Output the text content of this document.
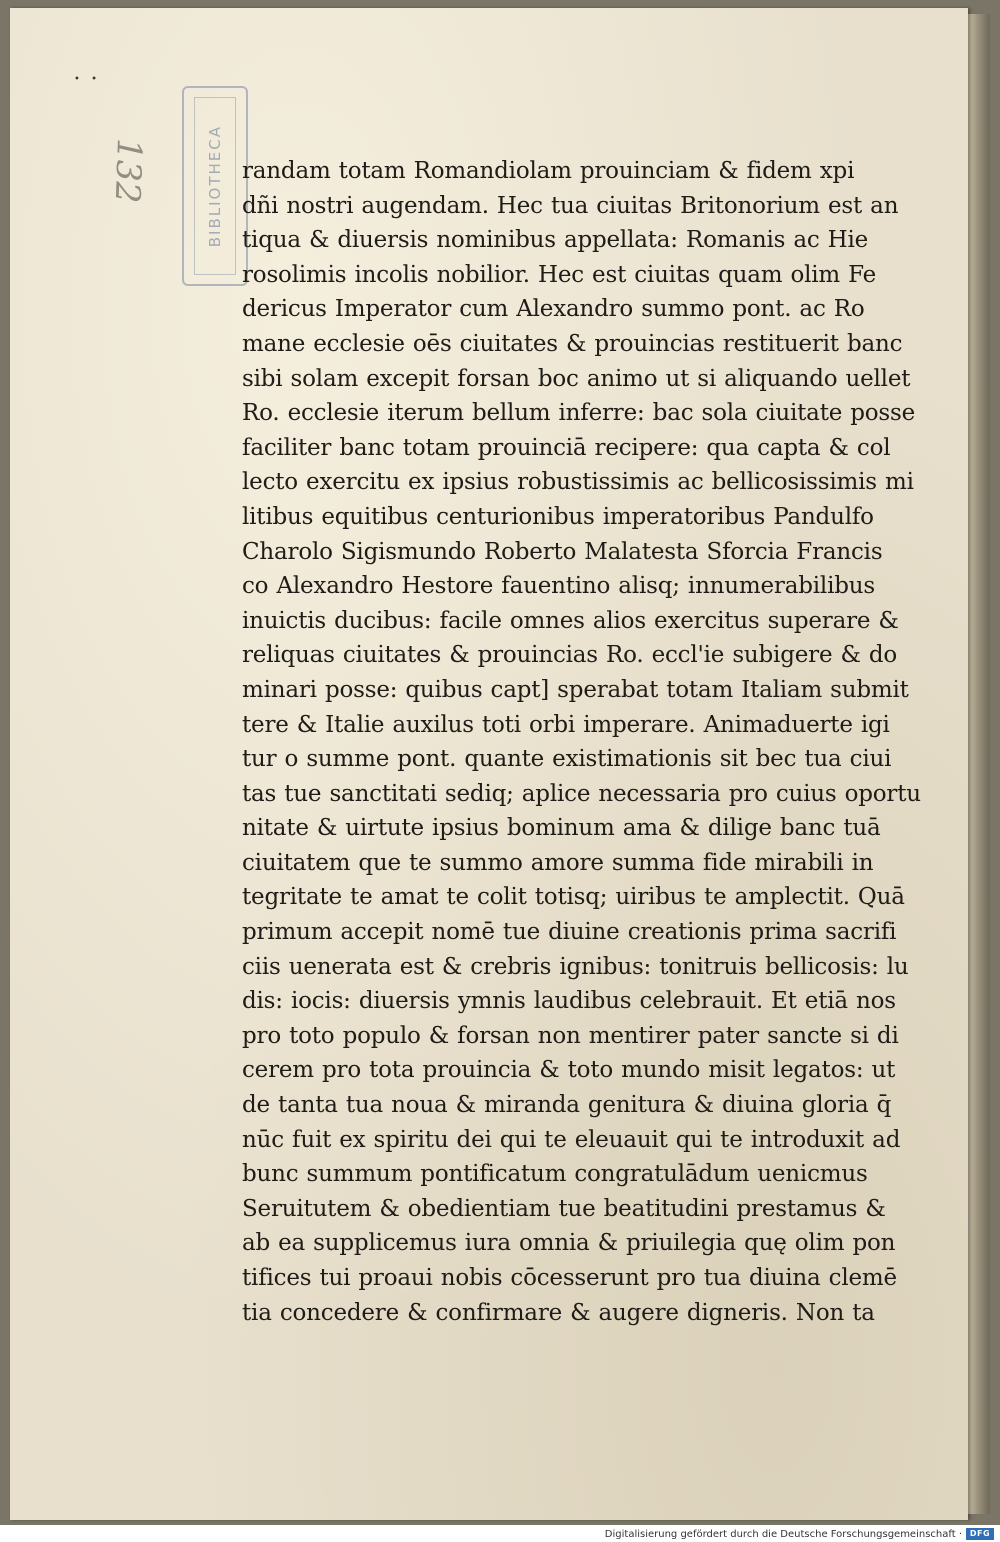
• •
132	BIBLIOTHECA randam totam Romandiolam prouinciam & fidem xpi
dñi nostri augendam. Hec tua ciuitas Britonorium est an
tiqua & diuersis nominibus appellata: Romanis ac Hie
rosolimis incolis nobilior. Hec est ciuitas quam olim Fe
dericus Imperator cum Alexandro summo pont. ac Ro
mane ecclesie oēs ciuitates & prouincias restituerit banc
sibi solam excepit forsan boc animo ut si aliquando uellet
Ro. ecclesie iterum bellum inferre: bac sola ciuitate posse
faciliter banc totam prouinciā recipere: qua capta & col
lecto exercitu ex ipsius robustissimis ac bellicosissimis mi
litibus equitibus centurionibus imperatoribus Pandulfo
Charolo Sigismundo Roberto Malatesta Sforcia Francis
co Alexandro Hestore fauentino alisq; innumerabilibus
inuictis ducibus: facile omnes alios exercitus superare &
reliquas ciuitates & prouincias Ro. eccl'ie subigere & do
minari posse: quibus capt] sperabat totam Italiam submit
tere & Italie auxilus toti orbi imperare. Animaduerte igi
tur o summe pont. quante existimationis sit bec tua ciui
tas tue sanctitati sediq; aplice necessaria pro cuius oportu
nitate & uirtute ipsius bominum ama & dilige banc tuā
ciuitatem que te summo amore summa fide mirabili in
tegritate te amat te colit totisq; uiribus te amplectit. Quā
primum accepit nomē tue diuine creationis prima sacrifi
ciis uenerata est & crebris ignibus: tonitruis bellicosis: lu
dis: iocis: diuersis ymnis laudibus celebrauit. Et etiā nos
pro toto populo & forsan non mentirer pater sancte si di
cerem pro tota prouincia & toto mundo misit legatos: ut
de tanta tua noua & miranda genitura & diuina gloria q̄
nūc fuit ex spiritu dei qui te eleuauit qui te introduxit ad
bunc summum pontificatum congratulādum uenicmus
Seruitutem & obedientiam tue beatitudini prestamus &
ab ea supplicemus iura omnia & priuilegia quę olim pon
tifices tui proaui nobis cōcesserunt pro tua diuina clemē
tia concedere & confirmare & augere digneris. Non ta
Digitalisierung gefördert durch die Deutsche Forschungsgemeinschaft · DFG
